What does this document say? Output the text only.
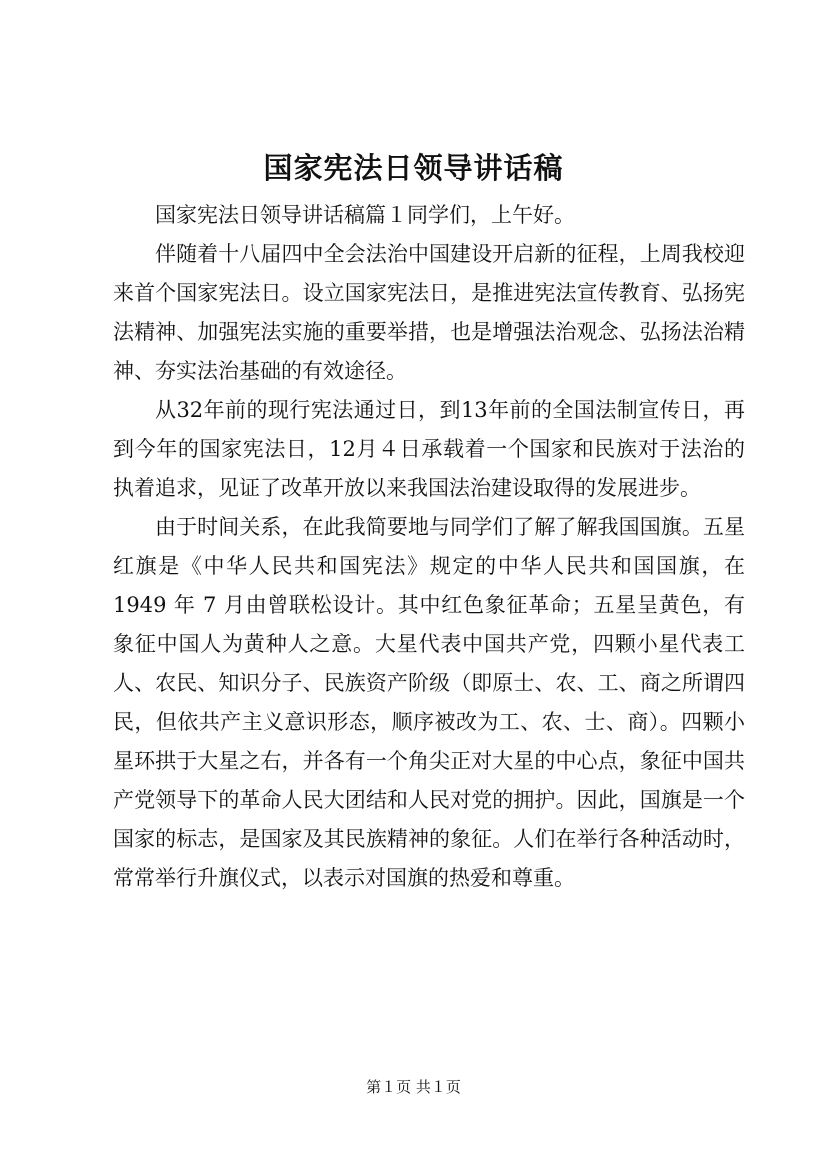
国家宪法日领导讲话稿

国家宪法日领导讲话稿篇１同学们，上午好。

伴随着十八届四中全会法治中国建设开启新的征程，上周我校迎来首个国家宪法日。设立国家宪法日，是推进宪法宣传教育、弘扬宪法精神、加强宪法实施的重要举措，也是增强法治观念、弘扬法治精神、夯实法治基础的有效途径。

从32年前的现行宪法通过日，到13年前的全国法制宣传日，再到今年的国家宪法日，12月４日承载着一个国家和民族对于法治的执着追求，见证了改革开放以来我国法治建设取得的发展进步。

由于时间关系，在此我简要地与同学们了解了解我国国旗。五星红旗是《中华人民共和国宪法》规定的中华人民共和国国旗，在 1949 年 7 月由曾联松设计。其中红色象征革命；五星呈黄色，有象征中国人为黄种人之意。大星代表中国共产党，四颗小星代表工人、农民、知识分子、民族资产阶级（即原士、农、工、商之所谓四民，但依共产主义意识形态，顺序被改为工、农、士、商）。四颗小星环拱于大星之右，并各有一个角尖正对大星的中心点，象征中国共产党领导下的革命人民大团结和人民对党的拥护。因此，国旗是一个国家的标志，是国家及其民族精神的象征。人们在举行各种活动时，常常举行升旗仪式，以表示对国旗的热爱和尊重。

第１页 共１页
